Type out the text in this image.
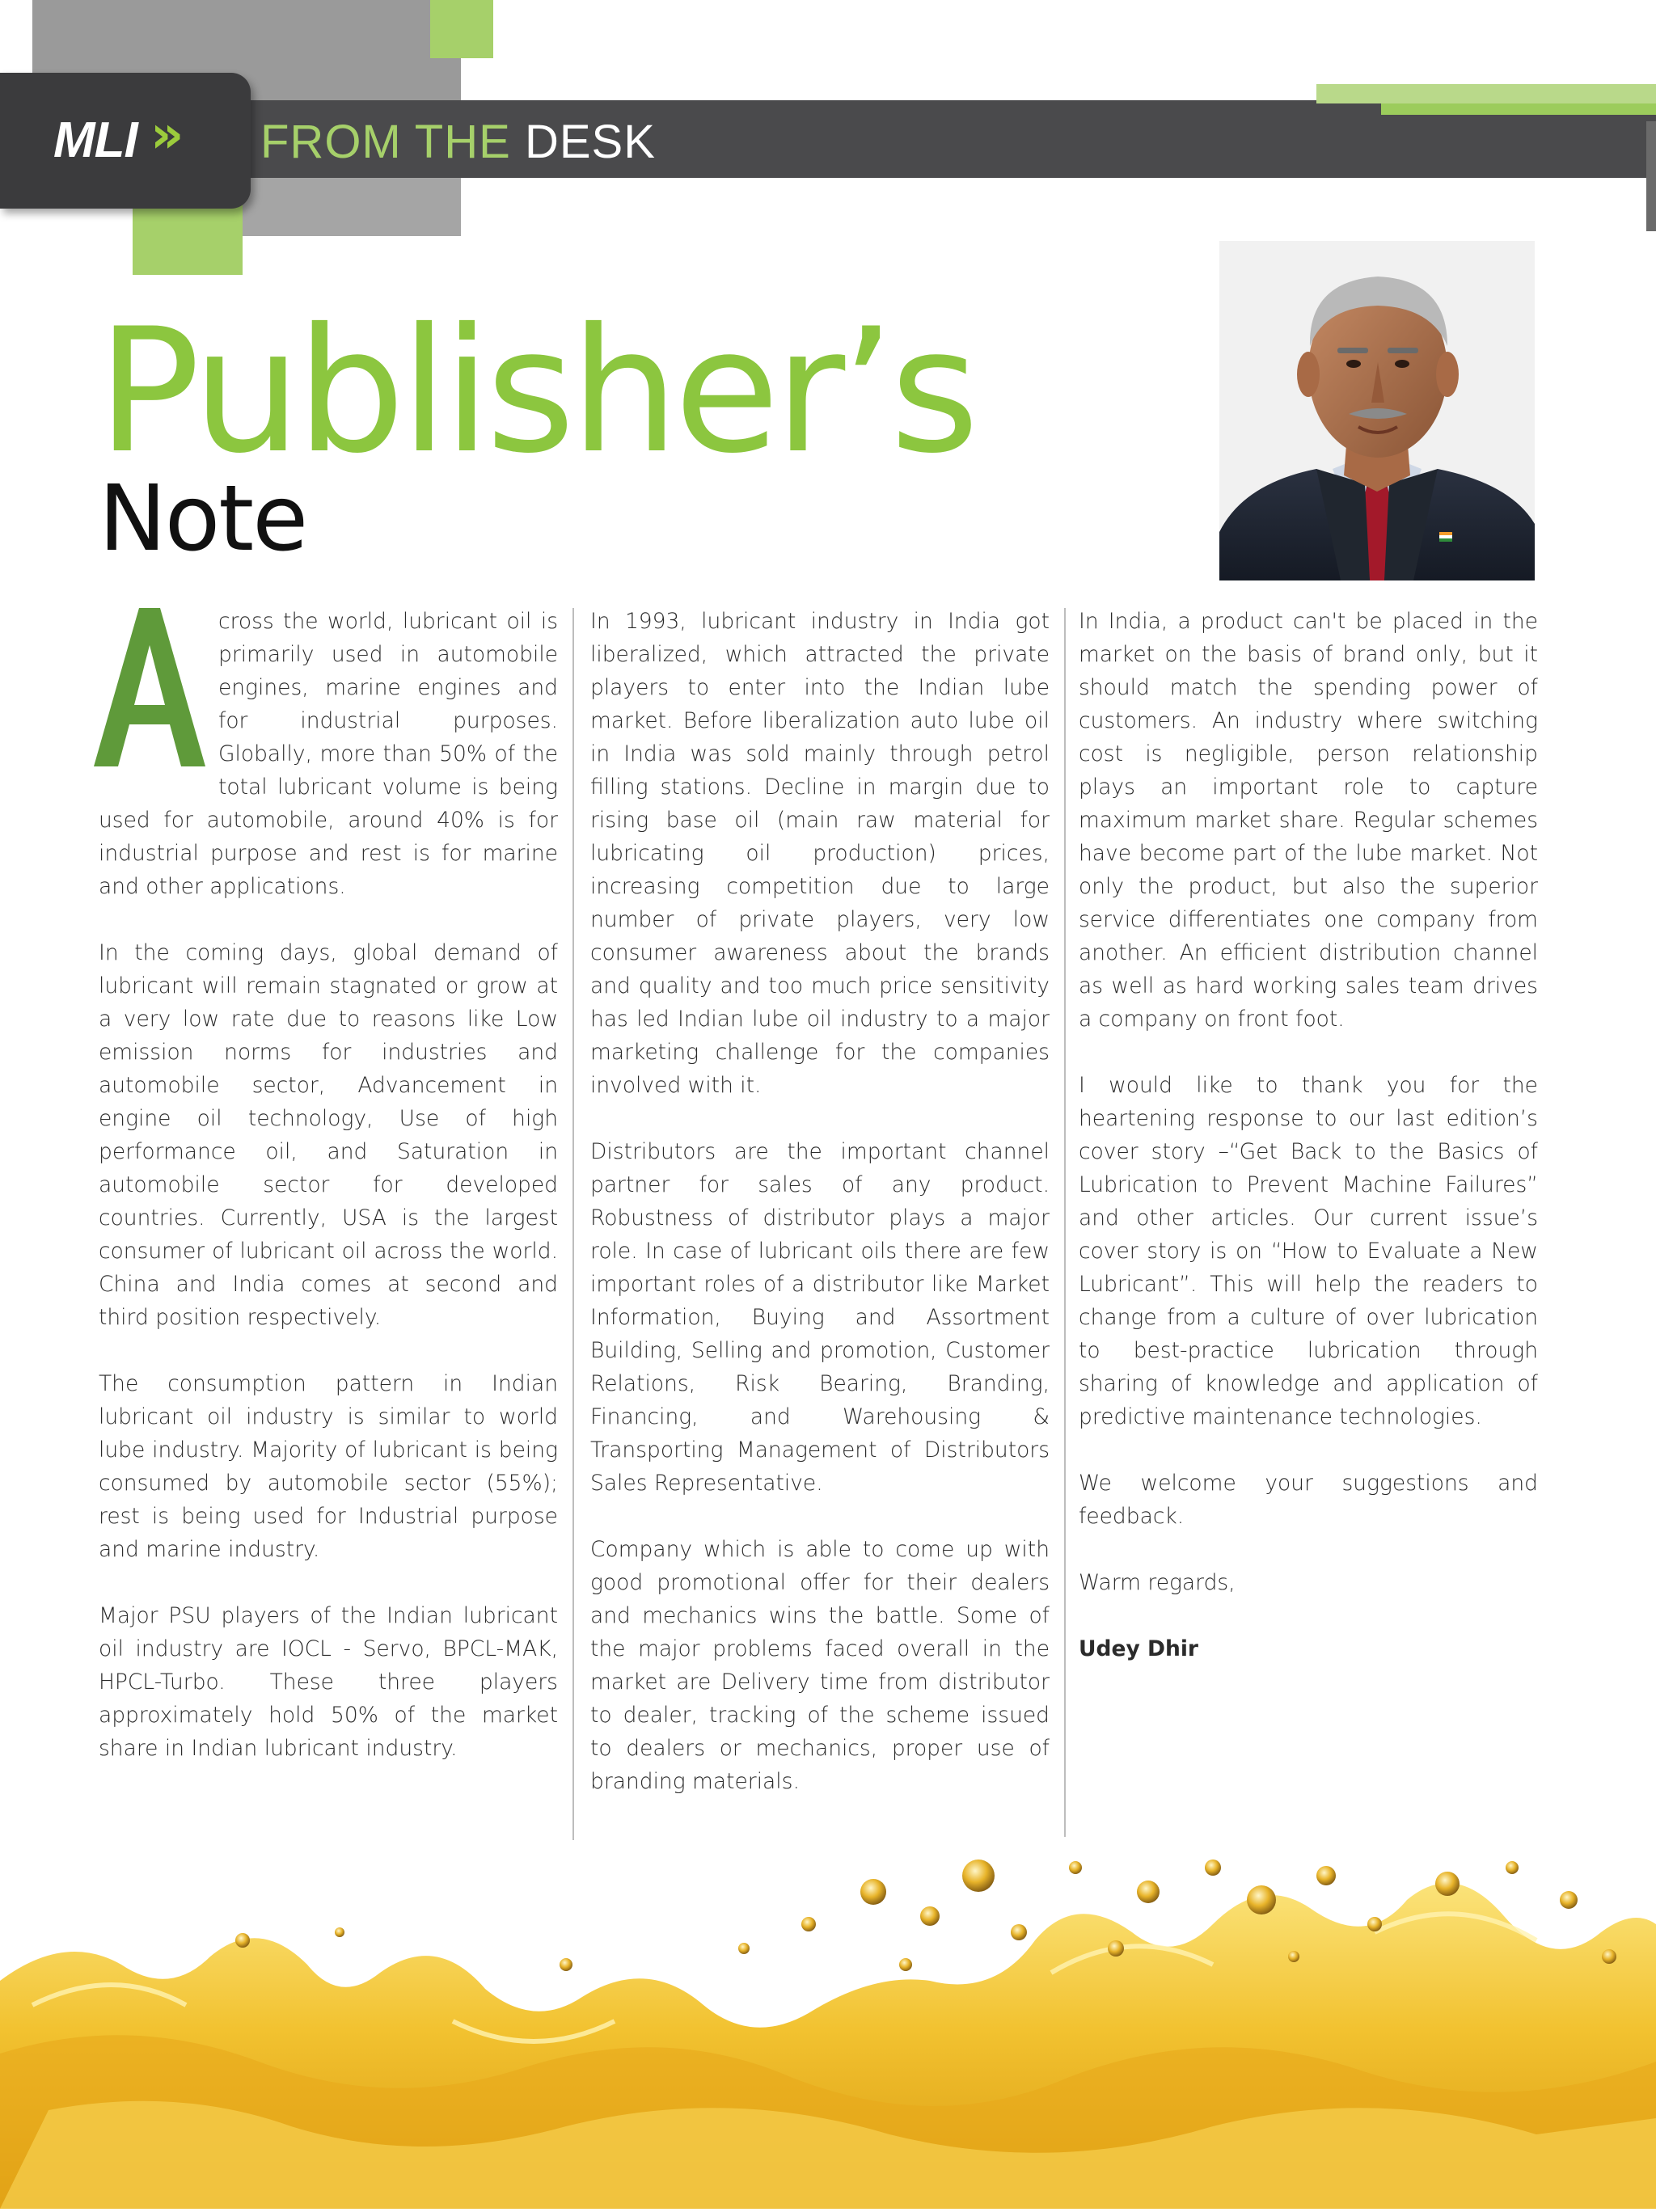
MLI » FROM THE DESK
Publisher’s
Note

A
cross the world, lubricant oil is primarily used in automobile engines, marine engines and for industrial purposes. Globally, more than 50% of the total lubricant volume is being used for automobile, around 40% is for industrial purpose and rest is for marine and other applications.

In the coming days, global demand of lubricant will remain stagnated or grow at a very low rate due to reasons like Low emission norms for industries and automobile sector, Advancement in engine oil technology, Use of high performance oil, and Saturation in automobile sector for developed countries. Currently, USA is the largest consumer of lubricant oil across the world. China and India comes at second and third position respectively.

The consumption pattern in Indian lubricant oil industry is similar to world lube industry. Majority of lubricant is being consumed by automobile sector (55%); rest is being used for Industrial purpose and marine industry.

Major PSU players of the Indian lubricant oil industry are IOCL - Servo, BPCL-MAK, HPCL-Turbo. These three players approximately hold 50% of the market share in Indian lubricant industry.

In 1993, lubricant industry in India got liberalized, which attracted the private players to enter into the Indian lube market. Before liberalization auto lube oil in India was sold mainly through petrol filling stations. Decline in margin due to rising base oil (main raw material for lubricating oil production) prices, increasing competition due to large number of private players, very low consumer awareness about the brands and quality and too much price sensitivity has led Indian lube oil industry to a major marketing challenge for the companies involved with it.

Distributors are the important channel partner for sales of any product. Robustness of distributor plays a major role. In case of lubricant oils there are few important roles of a distributor like Market Information, Buying and Assortment Building, Selling and promotion, Customer Relations, Risk Bearing, Branding, Financing, and Warehousing & Transporting Management of Distributors Sales Representative.

Company which is able to come up with good promotional offer for their dealers and mechanics wins the battle. Some of the major problems faced overall in the market are Delivery time from distributor to dealer, tracking of the scheme issued to dealers or mechanics, proper use of branding materials.

In India, a product can't be placed in the market on the basis of brand only, but it should match the spending power of customers. An industry where switching cost is negligible, person relationship plays an important role to capture maximum market share. Regular schemes have become part of the lube market. Not only the product, but also the superior service differentiates one company from another. An efficient distribution channel as well as hard working sales team drives a company on front foot.

I would like to thank you for the heartening response to our last edition’s cover story –“Get Back to the Basics of Lubrication to Prevent Machine Failures” and other articles. Our current issue’s cover story is on “How to Evaluate a New Lubricant”. This will help the readers to change from a culture of over lubrication to best-practice lubrication through sharing of knowledge and application of predictive maintenance technologies.

We welcome your suggestions and feedback.

Warm regards,

Udey Dhir
